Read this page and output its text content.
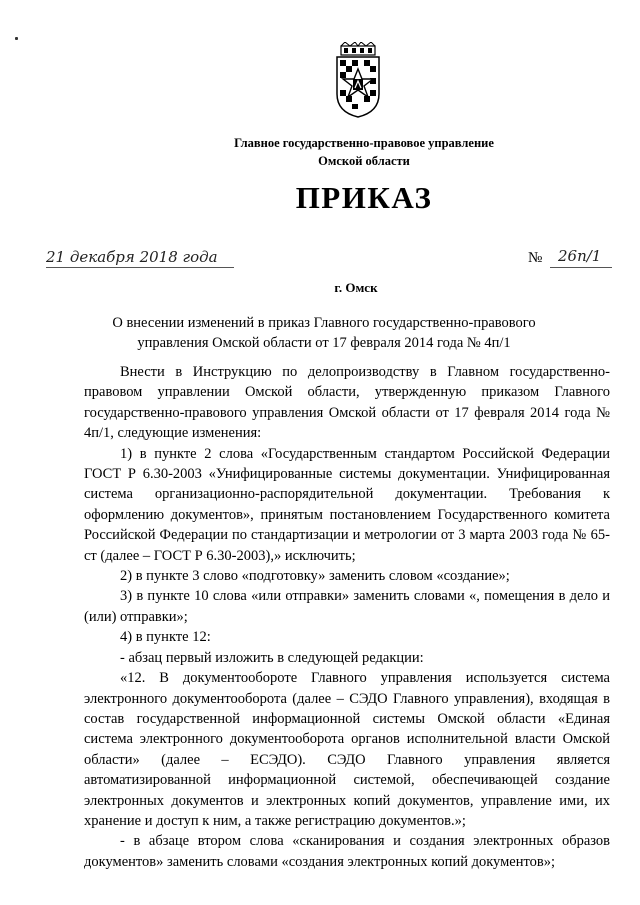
Главное государственно-правовое управление
Омской области
ПРИКАЗ
21 декабря 2018 года	№ 26п/1
г. Омск
О внесении изменений в приказ Главного государственно-правового
управления Омской области от 17 февраля 2014 года № 4п/1

Внести в Инструкцию по делопроизводству в Главном государственно-правовом управлении Омской области, утвержденную приказом Главного государственно-правового управления Омской области от 17 февраля 2014 года № 4п/1, следующие изменения:

1) в пункте 2 слова «Государственным стандартом Российской Федерации ГОСТ Р 6.30-2003 «Унифицированные системы документации. Унифицированная система организационно-распорядительной документации. Требования к оформлению документов», принятым постановлением Государственного комитета Российской Федерации по стандартизации и метрологии от 3 марта 2003 года № 65-ст (далее – ГОСТ Р 6.30-2003),» исключить;

2) в пункте 3 слово «подготовку» заменить словом «создание»;

3) в пункте 10 слова «или отправки» заменить словами «, помещения в дело и (или) отправки»;

4) в пункте 12:

- абзац первый изложить в следующей редакции:

«12. В документообороте Главного управления используется система электронного документооборота (далее – СЭДО Главного управления), входящая в состав государственной информационной системы Омской области «Единая система электронного документооборота органов исполнительной власти Омской области» (далее – ЕСЭДО). СЭДО Главного управления является автоматизированной информационной системой, обеспечивающей создание электронных документов и электронных копий документов, управление ими, их хранение и доступ к ним, а также регистрацию документов.»;

- в абзаце втором слова «сканирования и создания электронных образов документов» заменить словами «создания электронных копий документов»;
